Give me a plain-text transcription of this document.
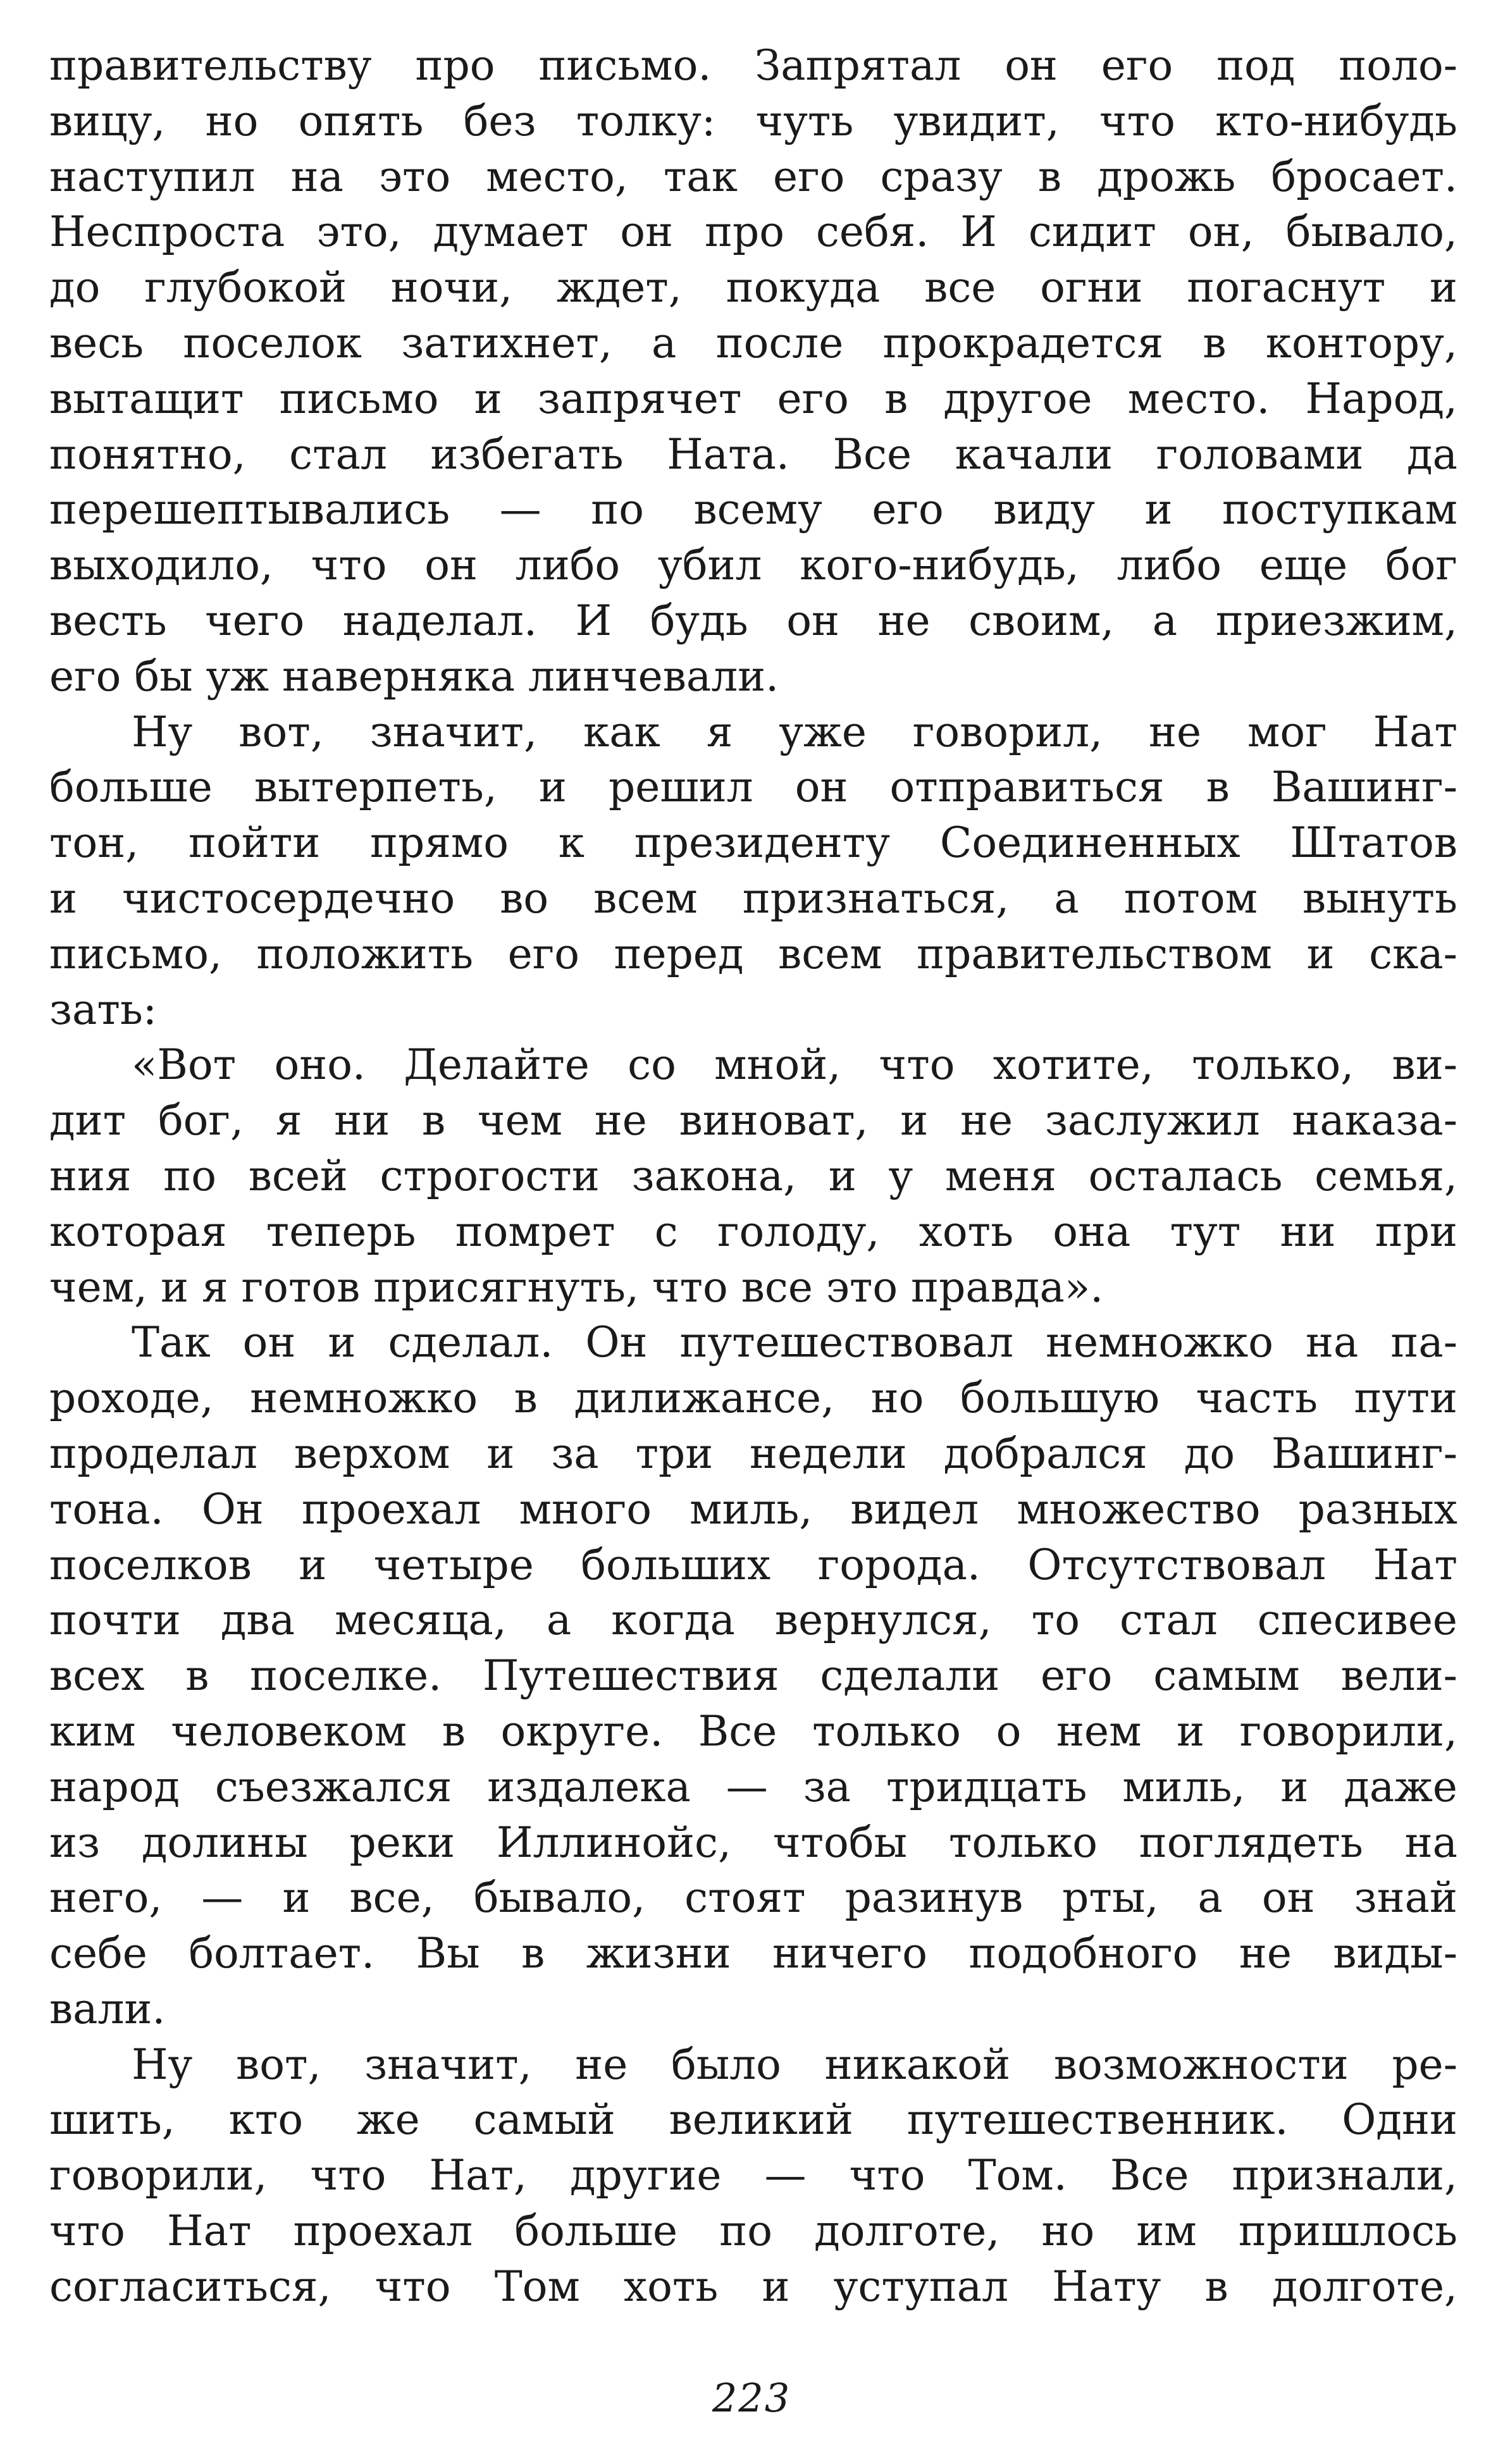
правительству про письмо. Запрятал он его под поло-
вицу, но опять без толку: чуть увидит, что кто-нибудь
наступил на это место, так его сразу в дрожь бросает.
Неспроста это, думает он про себя. И сидит он, бывало,
до глубокой ночи, ждет, покуда все огни погаснут и
весь поселок затихнет, а после прокрадется в контору,
вытащит письмо и запрячет его в другое место. Народ,
понятно, стал избегать Ната. Все качали головами да
перешептывались — по всему его виду и поступкам
выходило, что он либо убил кого-нибудь, либо еще бог
весть чего наделал. И будь он не своим, а приезжим,
его бы уж наверняка линчевали.
Ну вот, значит, как я уже говорил, не мог Нат
больше вытерпеть, и решил он отправиться в Вашинг-
тон, пойти прямо к президенту Соединенных Штатов
и чистосердечно во всем признаться, а потом вынуть
письмо, положить его перед всем правительством и ска-
зать:
«Вот оно. Делайте со мной, что хотите, только, ви-
дит бог, я ни в чем не виноват, и не заслужил наказа-
ния по всей строгости закона, и у меня осталась семья,
которая теперь помрет с голоду, хоть она тут ни при
чем, и я готов присягнуть, что все это правда».
Так он и сделал. Он путешествовал немножко на па-
роходе, немножко в дилижансе, но большую часть пути
проделал верхом и за три недели добрался до Вашинг-
тона. Он проехал много миль, видел множество разных
поселков и четыре больших города. Отсутствовал Нат
почти два месяца, а когда вернулся, то стал спесивее
всех в поселке. Путешествия сделали его самым вели-
ким человеком в округе. Все только о нем и говорили,
народ съезжался издалека — за тридцать миль, и даже
из долины реки Иллинойс, чтобы только поглядеть на
него, — и все, бывало, стоят разинув рты, а он знай
себе болтает. Вы в жизни ничего подобного не виды-
вали.
Ну вот, значит, не было никакой возможности ре-
шить, кто же самый великий путешественник. Одни
говорили, что Нат, другие — что Том. Все признали,
что Нат проехал больше по долготе, но им пришлось
согласиться, что Том хоть и уступал Нату в долготе,
223
